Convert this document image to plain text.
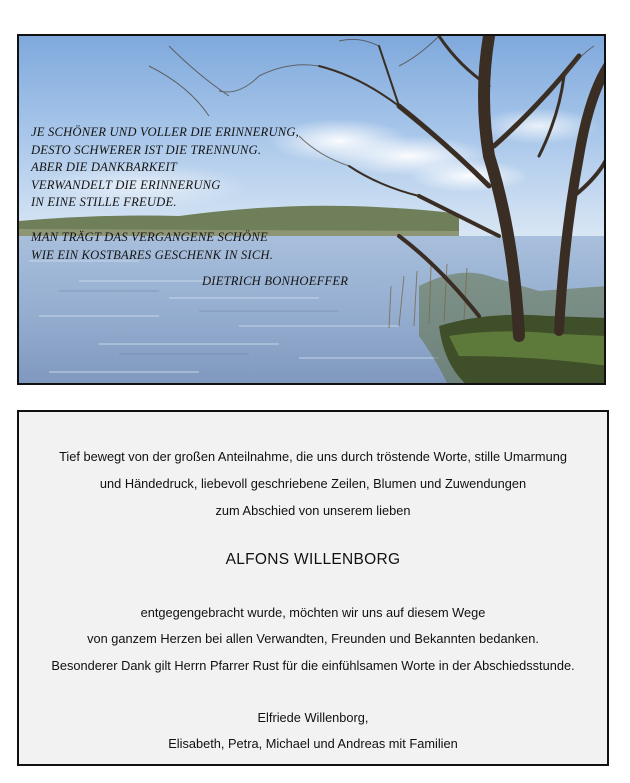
JE SCHÖNER UND VOLLER DIE ERINNERUNG,
DESTO SCHWERER IST DIE TRENNUNG.
ABER DIE DANKBARKEIT
VERWANDELT DIE ERINNERUNG
IN EINE STILLE FREUDE.
MAN TRÄGT DAS VERGANGENE SCHÖNE
WIE EIN KOSTBARES GESCHENK IN SICH.
DIETRICH BONHOEFFER
Tief bewegt von der großen Anteilnahme, die uns durch tröstende Worte, stille Umarmung
und Händedruck, liebevoll geschriebene Zeilen, Blumen und Zuwendungen
zum Abschied von unserem lieben
ALFONS WILLENBORG
entgegengebracht wurde, möchten wir uns auf diesem Wege
von ganzem Herzen bei allen Verwandten, Freunden und Bekannten bedanken.
Besonderer Dank gilt Herrn Pfarrer Rust für die einfühlsamen Worte in der Abschiedsstunde.
Elfriede Willenborg,
Elisabeth, Petra, Michael und Andreas mit Familien
